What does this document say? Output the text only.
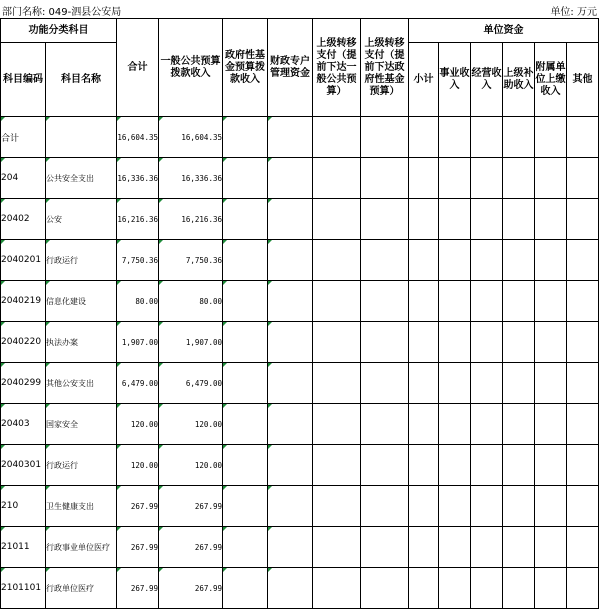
部门名称: 049-泗县公安局	单位: 万元
功能分类科目		合计	一般公共预算拨款收入	政府性基金预算拨款收入	财政专户管理资金	上级转移支付（提前下达一般公共预算）	上级转移支付（提前下达政府性基金预算）	单位资金					
科目编码	科目名称							小计	事业收入	经营收入	上级补助收入	附属单位上缴收入	其他

合计		16,604.35	16,604.35										
204	公共安全支出	16,336.36	16,336.36										
20402	公安	16,216.36	16,216.36										
2040201	行政运行	7,750.36	7,750.36										
2040219	信息化建设	80.00	80.00										
2040220	执法办案	1,907.00	1,907.00										
2040299	其他公安支出	6,479.00	6,479.00										
20403	国家安全	120.00	120.00										
2040301	行政运行	120.00	120.00										
210	卫生健康支出	267.99	267.99										
21011	行政事业单位医疗	267.99	267.99										
2101101	行政单位医疗	267.99	267.99										
